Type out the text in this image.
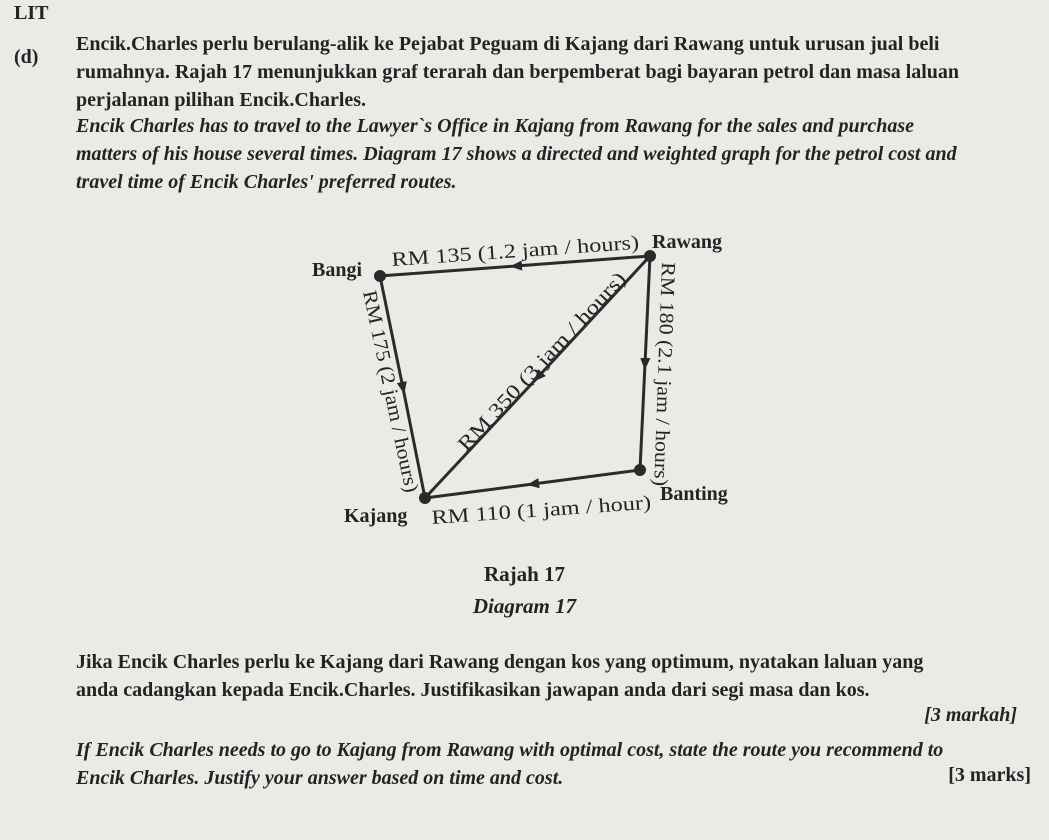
LIT
(d)

Encik.Charles perlu berulang-alik ke Pejabat Peguam di Kajang dari Rawang untuk urusan jual beli rumahnya. Rajah 17 menunjukkan graf terarah dan berpemberat bagi bayaran petrol dan masa laluan perjalanan pilihan Encik.Charles.

Encik Charles has to travel to the Lawyer`s Office in Kajang from Rawang for the sales and purchase matters of his house several times. Diagram 17 shows a directed and weighted graph for the petrol cost and travel time of Encik Charles' preferred routes.

Bangi
Rawang
Kajang
Banting
RM 135 (1.2 jam / hours)
RM 175 (2 jam / hours) RM 350 (3 jam / hours)	RM 180 (2.1 jam / hours)
RM 110 (1 jam / hour)
Rajah 17
Diagram 17

Jika Encik Charles perlu ke Kajang dari Rawang dengan kos yang optimum, nyatakan laluan yang anda cadangkan kepada Encik.Charles. Justifikasikan jawapan anda dari segi masa dan kos.

[3 markah]

If Encik Charles needs to go to Kajang from Rawang with optimal cost, state the route you recommend to Encik Charles. Justify your answer based on time and cost.	[3 marks]
